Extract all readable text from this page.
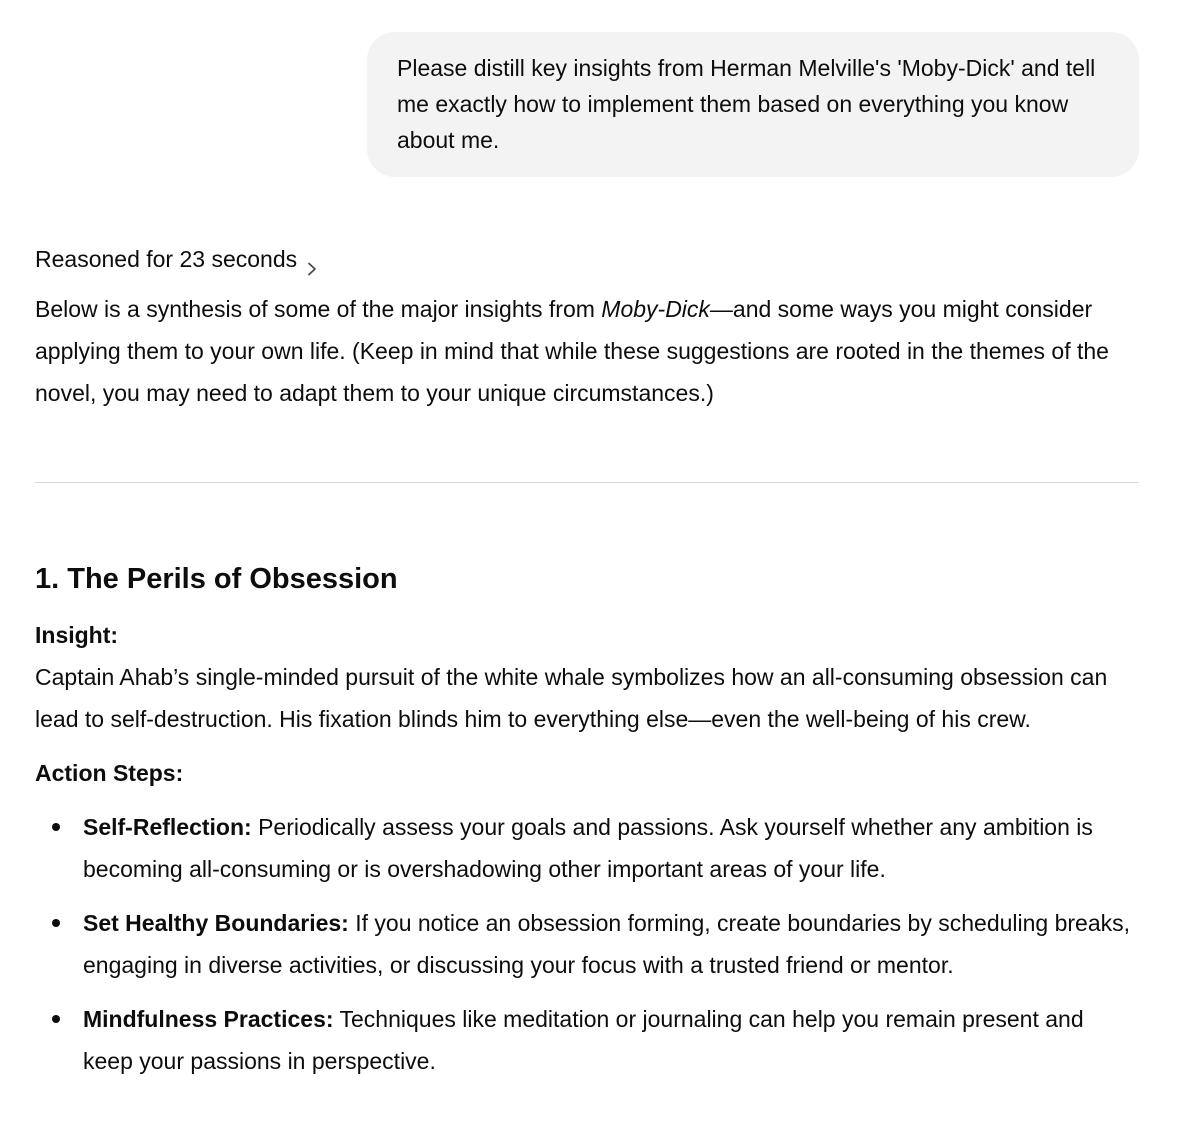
Please distill key insights from Herman Melville's 'Moby-Dick' and tell me exactly how to implement them based on everything you know about me.
Reasoned for 23 seconds

Below is a synthesis of some of the major insights from Moby-Dick—and some ways you might consider applying them to your own life. (Keep in mind that while these suggestions are rooted in the themes of the novel, you may need to adapt them to your unique circumstances.)

1. The Perils of Obsession

Insight:

Captain Ahab’s single-minded pursuit of the white whale symbolizes how an all-consuming obsession can lead to self-destruction. His fixation blinds him to everything else—even the well-being of his crew.

Action Steps:

Self-Reflection: Periodically assess your goals and passions. Ask yourself whether any ambition is becoming all-consuming or is overshadowing other important areas of your life.
Set Healthy Boundaries: If you notice an obsession forming, create boundaries by scheduling breaks, engaging in diverse activities, or discussing your focus with a trusted friend or mentor.
Mindfulness Practices: Techniques like meditation or journaling can help you remain present and keep your passions in perspective.
